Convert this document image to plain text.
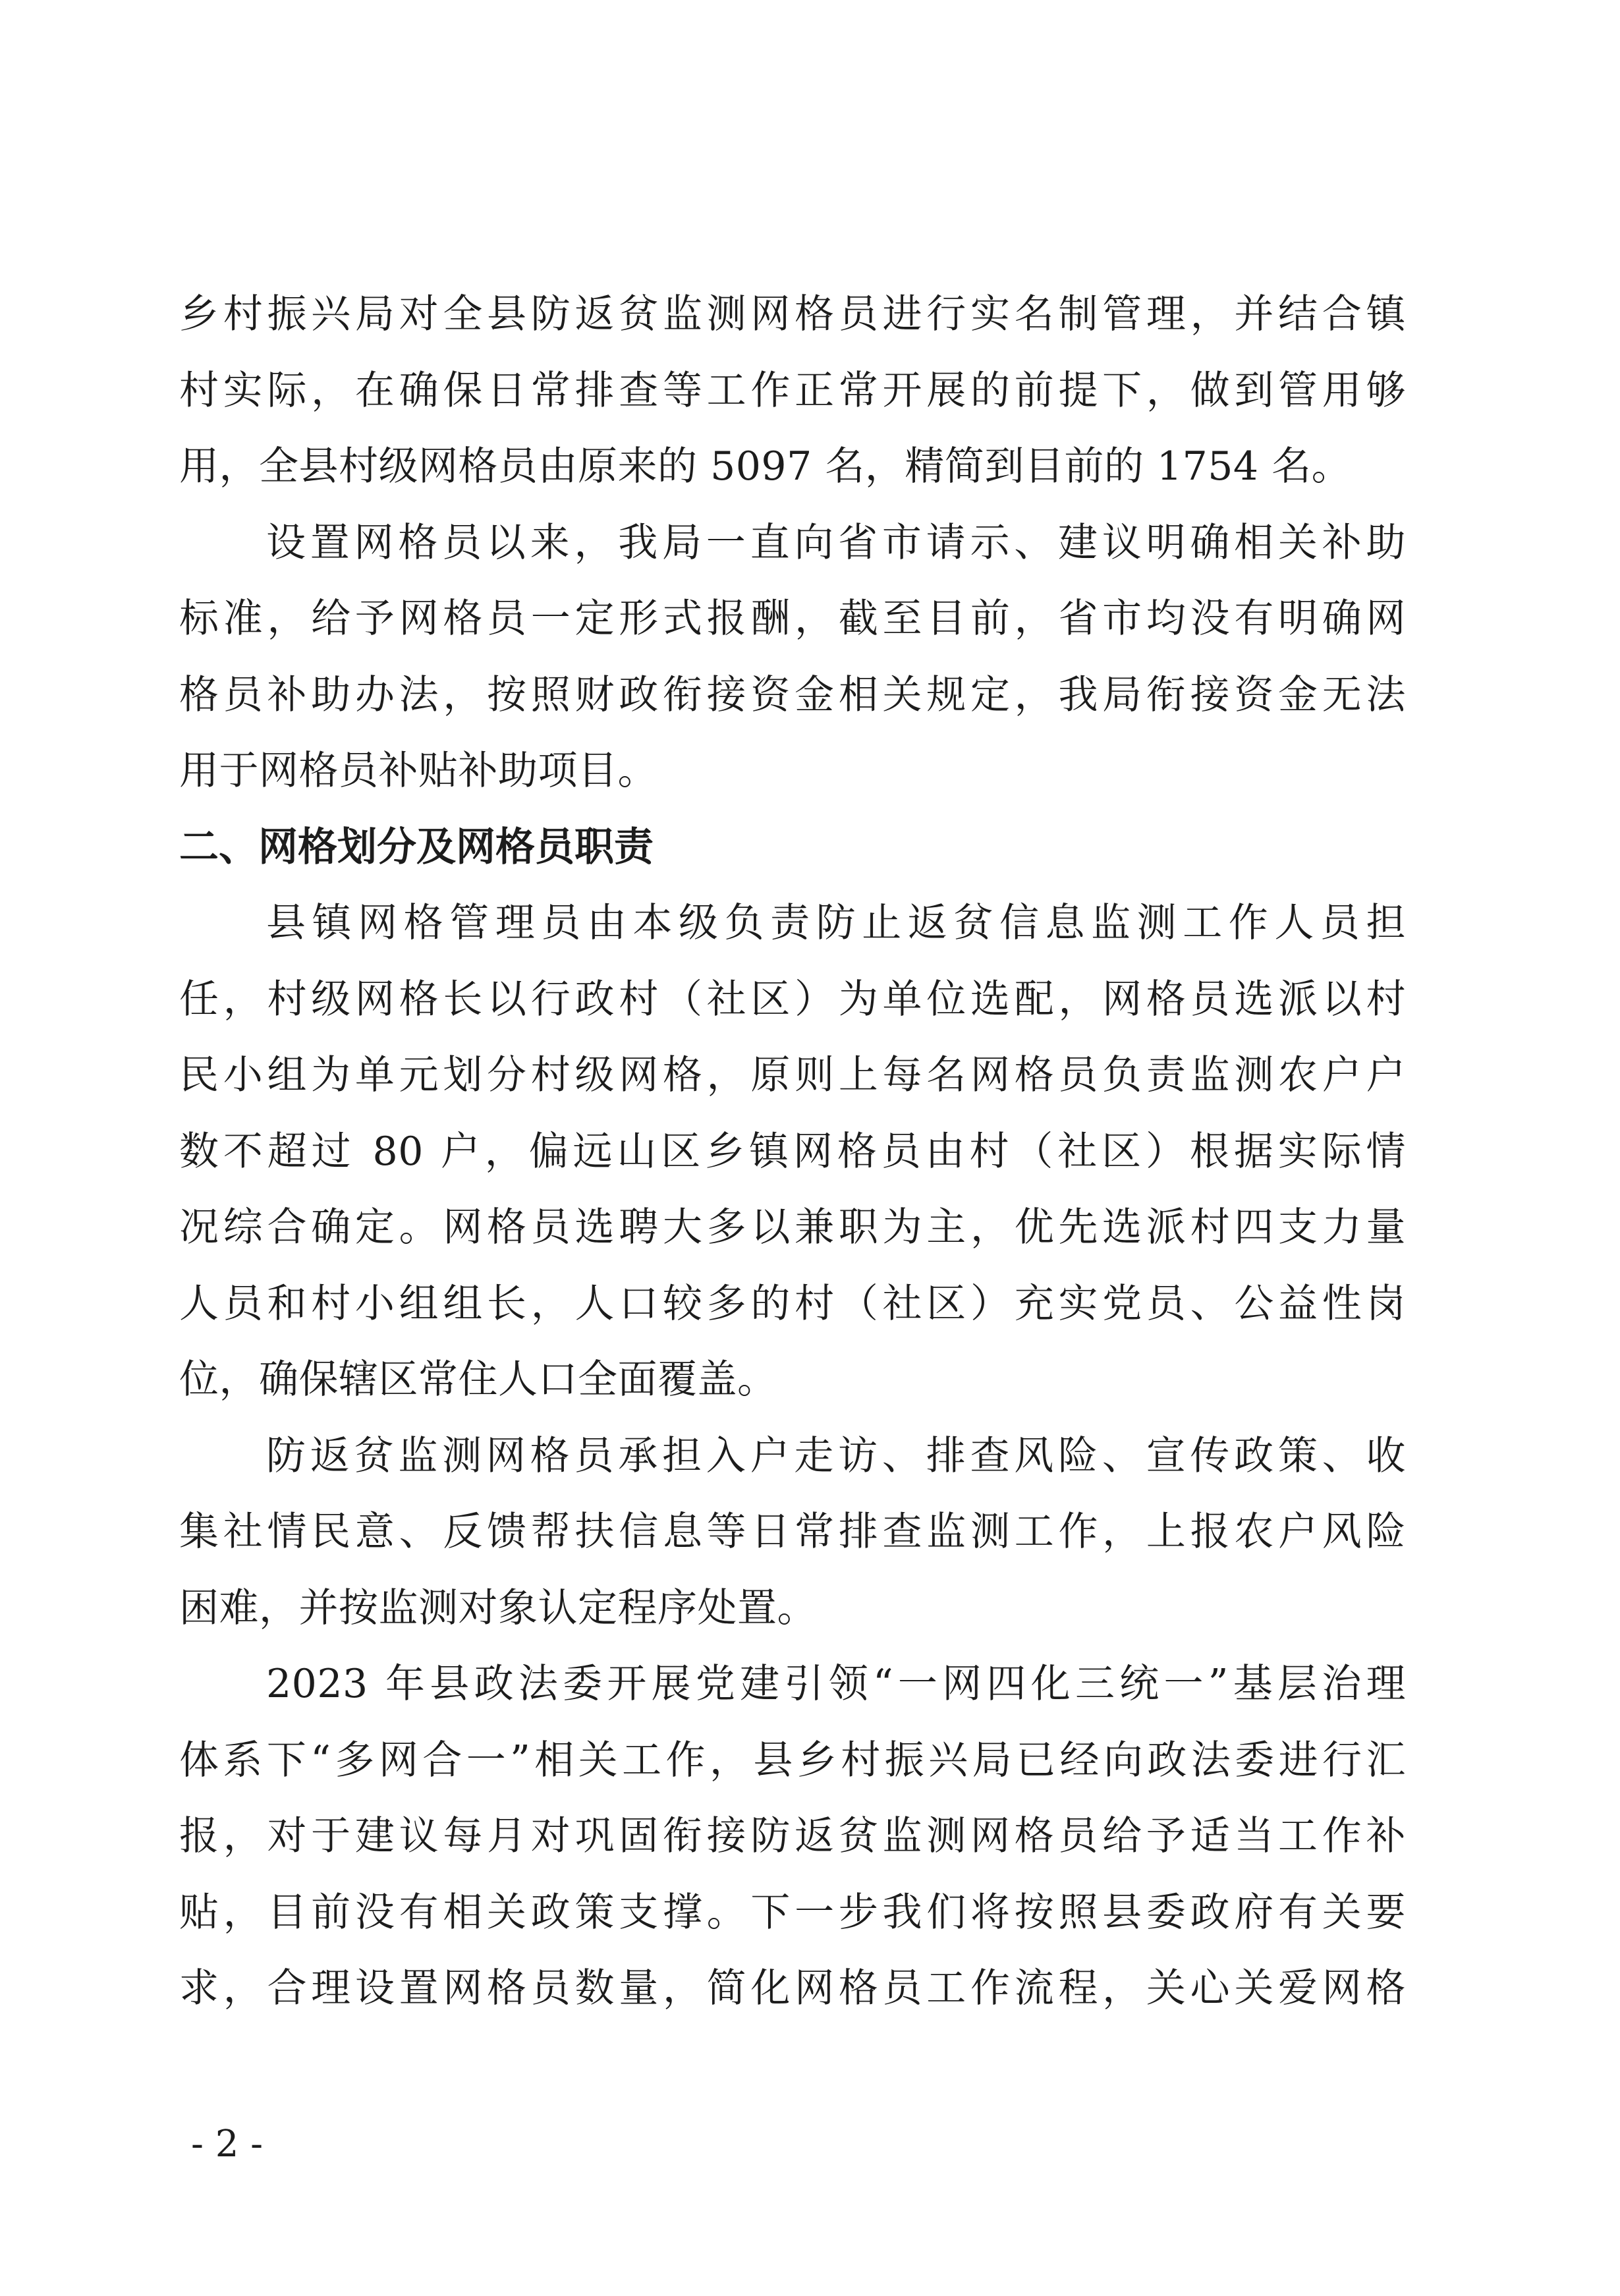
乡村振兴局对全县防返贫监测网格员进行实名制管理，并结合镇
村实际，在确保日常排查等工作正常开展的前提下，做到管用够
用，全县村级网格员由原来的 5097 名，精简到目前的 1754 名。
设置网格员以来，我局一直向省市请示、建议明确相关补助
标准，给予网格员一定形式报酬，截至目前，省市均没有明确网
格员补助办法，按照财政衔接资金相关规定，我局衔接资金无法
用于网格员补贴补助项目。
二、网格划分及网格员职责
县镇网格管理员由本级负责防止返贫信息监测工作人员担
任，村级网格长以行政村（社区）为单位选配，网格员选派以村
民小组为单元划分村级网格，原则上每名网格员负责监测农户户
数不超过 80 户，偏远山区乡镇网格员由村（社区）根据实际情
况综合确定。网格员选聘大多以兼职为主，优先选派村四支力量
人员和村小组组长，人口较多的村（社区）充实党员、公益性岗
位，确保辖区常住人口全面覆盖。
防返贫监测网格员承担入户走访、排查风险、宣传政策、收
集社情民意、反馈帮扶信息等日常排查监测工作，上报农户风险
困难，并按监测对象认定程序处置。
2023 年县政法委开展党建引领“一网四化三统一”基层治理
体系下“多网合一”相关工作，县乡村振兴局已经向政法委进行汇
报，对于建议每月对巩固衔接防返贫监测网格员给予适当工作补
贴，目前没有相关政策支撑。下一步我们将按照县委政府有关要
求，合理设置网格员数量，简化网格员工作流程，关心关爱网格
- 2 -
